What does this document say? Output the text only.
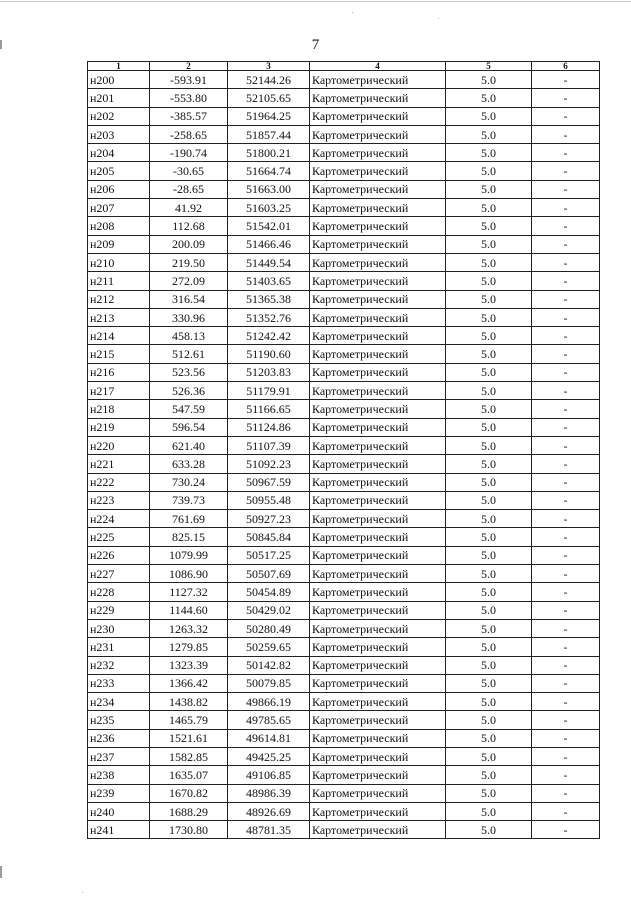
7
1	2	3	4	5	6
н200	-593.91	52144.26	Картометрический	5.0	-
н201	-553.80	52105.65	Картометрический	5.0	-
н202	-385.57	51964.25	Картометрический	5.0	-
н203	-258.65	51857.44	Картометрический	5.0	-
н204	-190.74	51800.21	Картометрический	5.0	-
н205	-30.65	51664.74	Картометрический	5.0	-
н206	-28.65	51663.00	Картометрический	5.0	-
н207	41.92	51603.25	Картометрический	5.0	-
н208	112.68	51542.01	Картометрический	5.0	-
н209	200.09	51466.46	Картометрический	5.0	-
н210	219.50	51449.54	Картометрический	5.0	-
н211	272.09	51403.65	Картометрический	5.0	-
н212	316.54	51365.38	Картометрический	5.0	-
н213	330.96	51352.76	Картометрический	5.0	-
н214	458.13	51242.42	Картометрический	5.0	-
н215	512.61	51190.60	Картометрический	5.0	-
н216	523.56	51203.83	Картометрический	5.0	-
н217	526.36	51179.91	Картометрический	5.0	-
н218	547.59	51166.65	Картометрический	5.0	-
н219	596.54	51124.86	Картометрический	5.0	-
н220	621.40	51107.39	Картометрический	5.0	-
н221	633.28	51092.23	Картометрический	5.0	-
н222	730.24	50967.59	Картометрический	5.0	-
н223	739.73	50955.48	Картометрический	5.0	-
н224	761.69	50927.23	Картометрический	5.0	-
н225	825.15	50845.84	Картометрический	5.0	-
н226	1079.99	50517.25	Картометрический	5.0	-
н227	1086.90	50507.69	Картометрический	5.0	-
н228	1127.32	50454.89	Картометрический	5.0	-
н229	1144.60	50429.02	Картометрический	5.0	-
н230	1263.32	50280.49	Картометрический	5.0	-
н231	1279.85	50259.65	Картометрический	5.0	-
н232	1323.39	50142.82	Картометрический	5.0	-
н233	1366.42	50079.85	Картометрический	5.0	-
н234	1438.82	49866.19	Картометрический	5.0	-
н235	1465.79	49785.65	Картометрический	5.0	-
н236	1521.61	49614.81	Картометрический	5.0	-
н237	1582.85	49425.25	Картометрический	5.0	-
н238	1635.07	49106.85	Картометрический	5.0	-
н239	1670.82	48986.39	Картометрический	5.0	-
н240	1688.29	48926.69	Картометрический	5.0	-
н241	1730.80	48781.35	Картометрический	5.0	-
